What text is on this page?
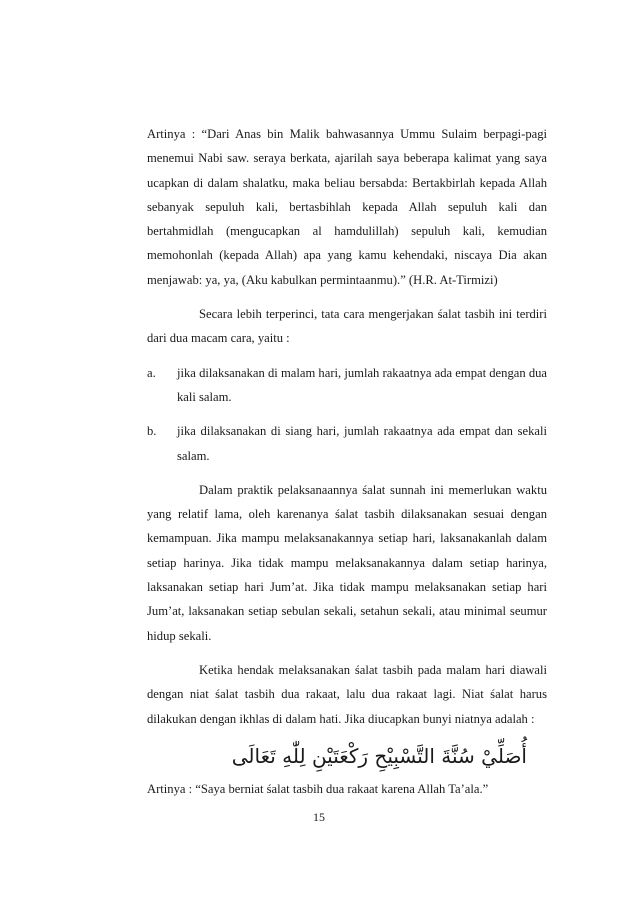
Artinya : “Dari Anas bin Malik bahwasannya Ummu Sulaim berpagi-pagi menemui Nabi saw. seraya berkata, ajarilah saya beberapa kalimat yang saya ucapkan di dalam shalatku, maka beliau bersabda: Bertakbirlah kepada Allah sebanyak sepuluh kali, bertasbihlah kepada Allah sepuluh kali dan bertahmidlah (mengucapkan al hamdulillah) sepuluh kali, kemudian memohonlah (kepada Allah) apa yang kamu kehendaki, niscaya Dia akan menjawab: ya, ya, (Aku kabulkan permintaanmu).” (H.R. At-Tirmizi)

Secara lebih terperinci, tata cara mengerjakan śalat tasbih ini terdiri dari dua macam cara, yaitu :

a. jika dilaksanakan di malam hari, jumlah rakaatnya ada empat dengan dua kali salam.
b. jika dilaksanakan di siang hari, jumlah rakaatnya ada empat dan sekali salam.

Dalam praktik pelaksanaannya śalat sunnah ini memerlukan waktu yang relatif lama, oleh karenanya śalat tasbih dilaksanakan sesuai dengan kemampuan. Jika mampu melaksanakannya setiap hari, laksanakanlah dalam setiap harinya. Jika tidak mampu melaksanakannya dalam setiap harinya, laksanakan setiap hari Jum’at. Jika tidak mampu melaksanakan setiap hari Jum’at, laksanakan setiap sebulan sekali, setahun sekali, atau minimal seumur hidup sekali.

Ketika hendak melaksanakan śalat tasbih pada malam hari diawali dengan niat śalat tasbih dua rakaat, lalu dua rakaat lagi. Niat śalat harus dilakukan dengan ikhlas di dalam hati. Jika diucapkan bunyi niatnya adalah :

أُصَلِّيْ سُنَّةَ التَّسْبِيْحِ رَكْعَتَيْنِ لِلّٰهِ تَعَالَى

Artinya : “Saya berniat śalat tasbih dua rakaat karena Allah Ta’ala.”

15
